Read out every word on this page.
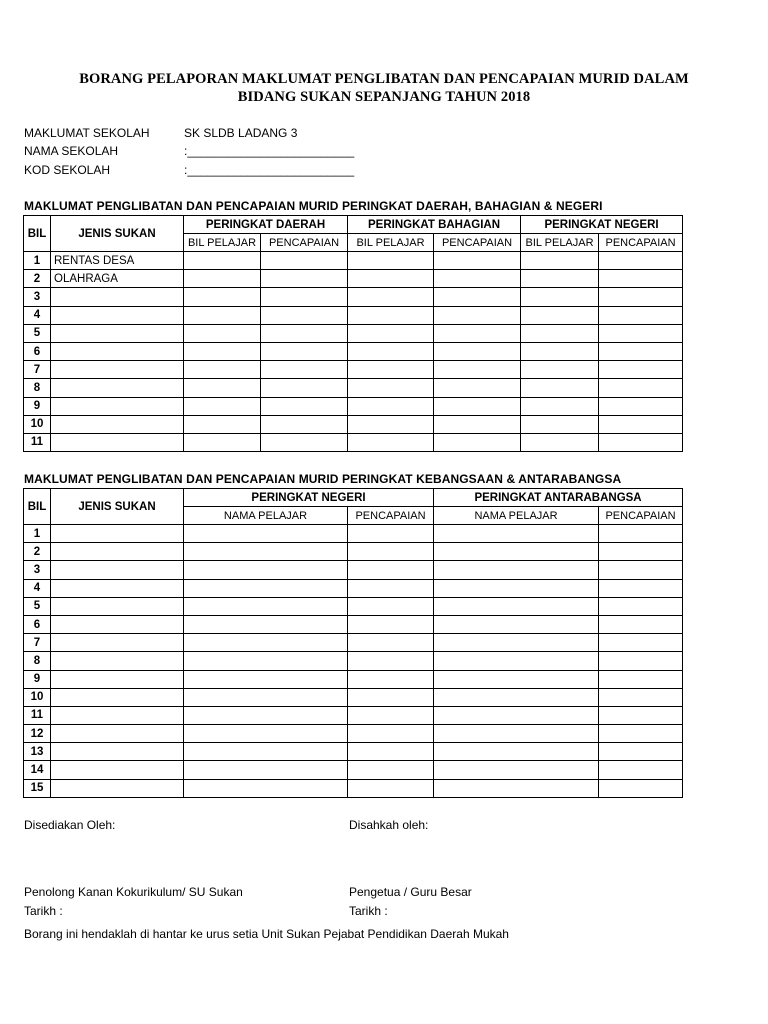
BORANG PELAPORAN MAKLUMAT PENGLIBATAN DAN PENCAPAIAN MURID DALAM
BIDANG SUKAN SEPANJANG TAHUN 2018
MAKLUMAT SEKOLAH	SK SLDB LADANG 3
NAMA SEKOLAH	:_________________________
KOD SEKOLAH	:_________________________
MAKLUMAT PENGLIBATAN DAN PENCAPAIAN MURID PERINGKAT DAERAH, BAHAGIAN & NEGERI
BIL	JENIS SUKAN	PERINGKAT DAERAH		PERINGKAT BAHAGIAN		PERINGKAT NEGERI	
		BIL PELAJAR	PENCAPAIAN	BIL PELAJAR	PENCAPAIAN	BIL PELAJAR	PENCAPAIAN
1	RENTAS DESA						
2	OLAHRAGA						
3							
4							
5							
6							
7							
8							
9							
10							
11							
MAKLUMAT PENGLIBATAN DAN PENCAPAIAN MURID PERINGKAT KEBANGSAAN & ANTARABANGSA
BIL	JENIS SUKAN	PERINGKAT NEGERI		PERINGKAT ANTARABANGSA	
		NAMA PELAJAR	PENCAPAIAN	NAMA PELAJAR	PENCAPAIAN
1					
2					
3					
4					
5					
6					
7					
8					
9					
10					
11					
12					
13					
14					
15					
Disediakan Oleh:	Disahkah oleh:
Penolong Kanan Kokurikulum/ SU Sukan	Pengetua / Guru Besar
Tarikh :	Tarikh :
Borang ini hendaklah di hantar ke urus setia Unit Sukan Pejabat Pendidikan Daerah Mukah
